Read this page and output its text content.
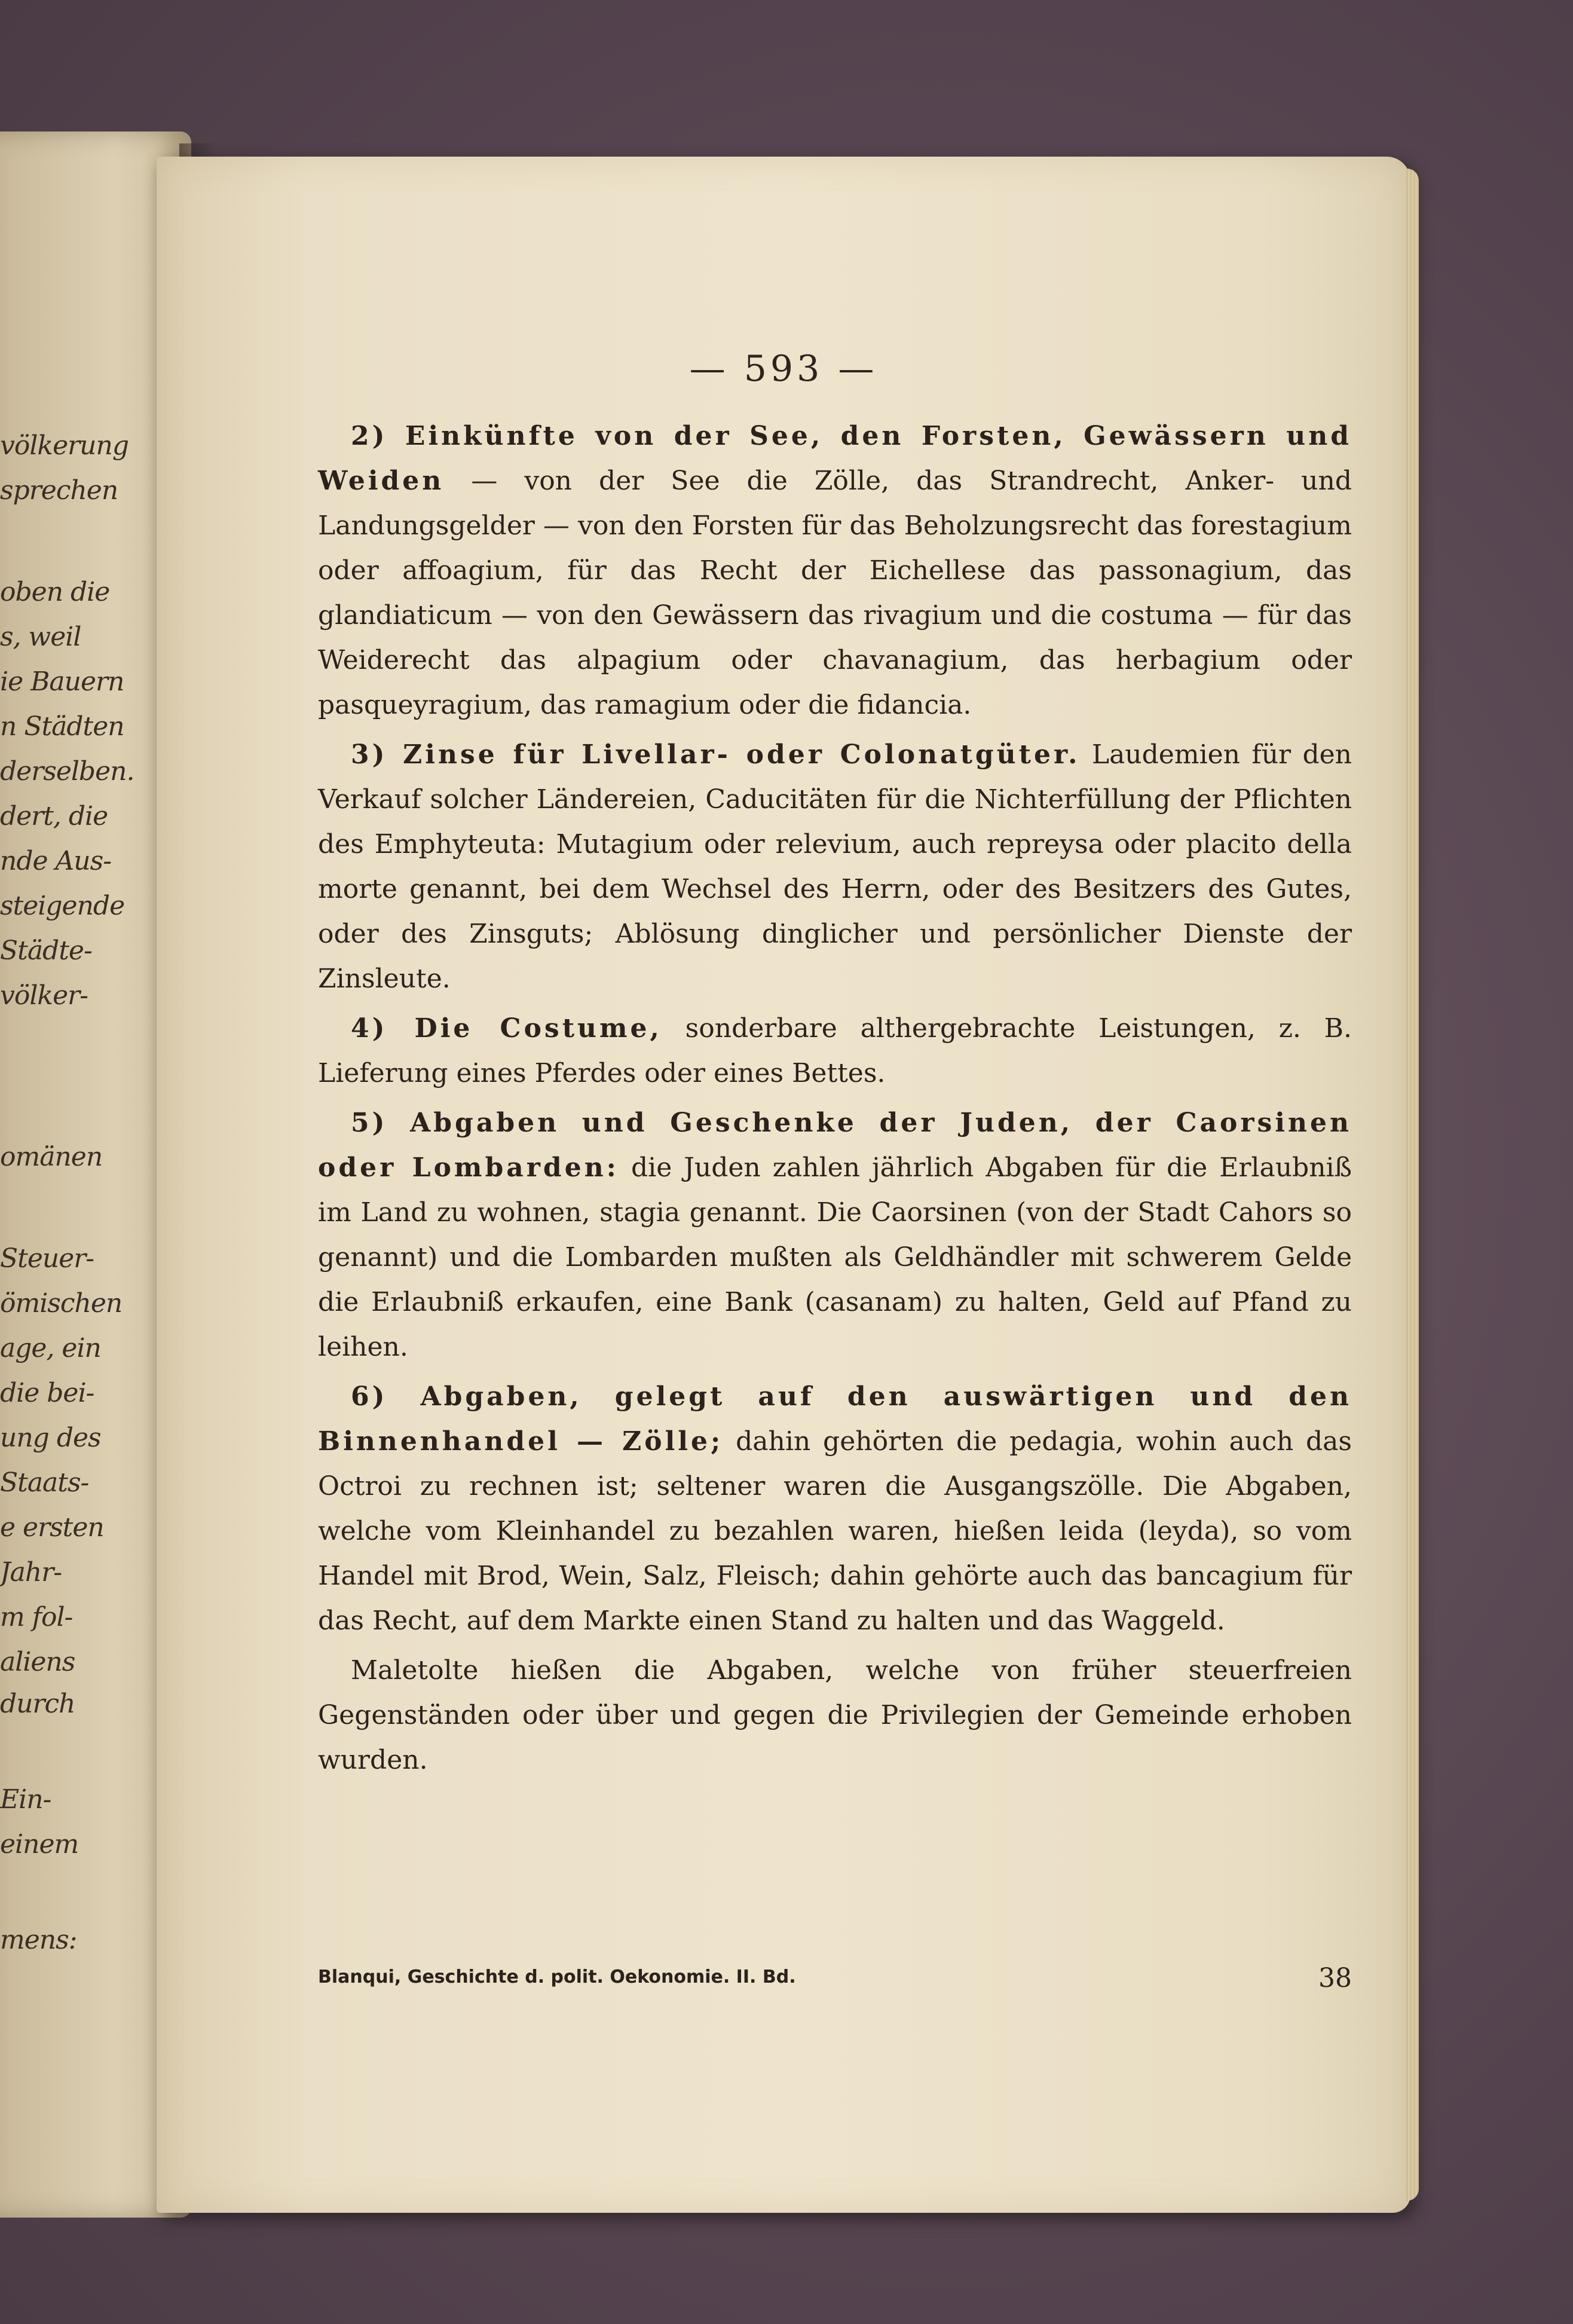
völkerung
sprechen
oben die
s, weil
ie Bauern
n Städten
derselben.
dert, die
nde Aus-
steigende
Städte-
völker-
omänen
Steuer-
ömischen
age, ein
die bei-
ung des
Staats-
e ersten
Jahr-
m fol-
aliens
durch
Ein-
einem
mens:
— 593 —

2) Einkünfte von der See, den Forsten, Gewässern und Weiden — von der See die Zölle, das Strandrecht, Anker- und Landungsgelder — von den Forsten für das Beholzungsrecht das forestagium oder affoagium, für das Recht der Eichellese das passonagium, das glandiaticum — von den Gewässern das rivagium und die costuma — für das Weiderecht das alpagium oder chavanagium, das herbagium oder pasqueyragium, das ramagium oder die fidancia.

3) Zinse für Livellar- oder Colonatgüter. Laudemien für den Verkauf solcher Ländereien, Caducitäten für die Nichterfüllung der Pflichten des Emphyteuta: Mutagium oder relevium, auch repreysa oder placito della morte genannt, bei dem Wechsel des Herrn, oder des Besitzers des Gutes, oder des Zinsguts; Ablösung dinglicher und persönlicher Dienste der Zinsleute.

4) Die Costume, sonderbare althergebrachte Leistungen, z. B. Lieferung eines Pferdes oder eines Bettes.

5) Abgaben und Geschenke der Juden, der Caorsinen oder Lombarden: die Juden zahlen jährlich Abgaben für die Erlaubniß im Land zu wohnen, stagia genannt. Die Caorsinen (von der Stadt Cahors so genannt) und die Lombarden mußten als Geldhändler mit schwerem Gelde die Erlaubniß erkaufen, eine Bank (casanam) zu halten, Geld auf Pfand zu leihen.

6) Abgaben, gelegt auf den auswärtigen und den Binnenhandel — Zölle; dahin gehörten die pedagia, wohin auch das Octroi zu rechnen ist; seltener waren die Ausgangszölle. Die Abgaben, welche vom Kleinhandel zu bezahlen waren, hießen leida (leyda), so vom Handel mit Brod, Wein, Salz, Fleisch; dahin gehörte auch das bancagium für das Recht, auf dem Markte einen Stand zu halten und das Waggeld.

Maletolte hießen die Abgaben, welche von früher steuerfreien Gegenständen oder über und gegen die Privilegien der Gemeinde erhoben wurden.

Blanqui, Geschichte d. polit. Oekonomie. II. Bd.	38
